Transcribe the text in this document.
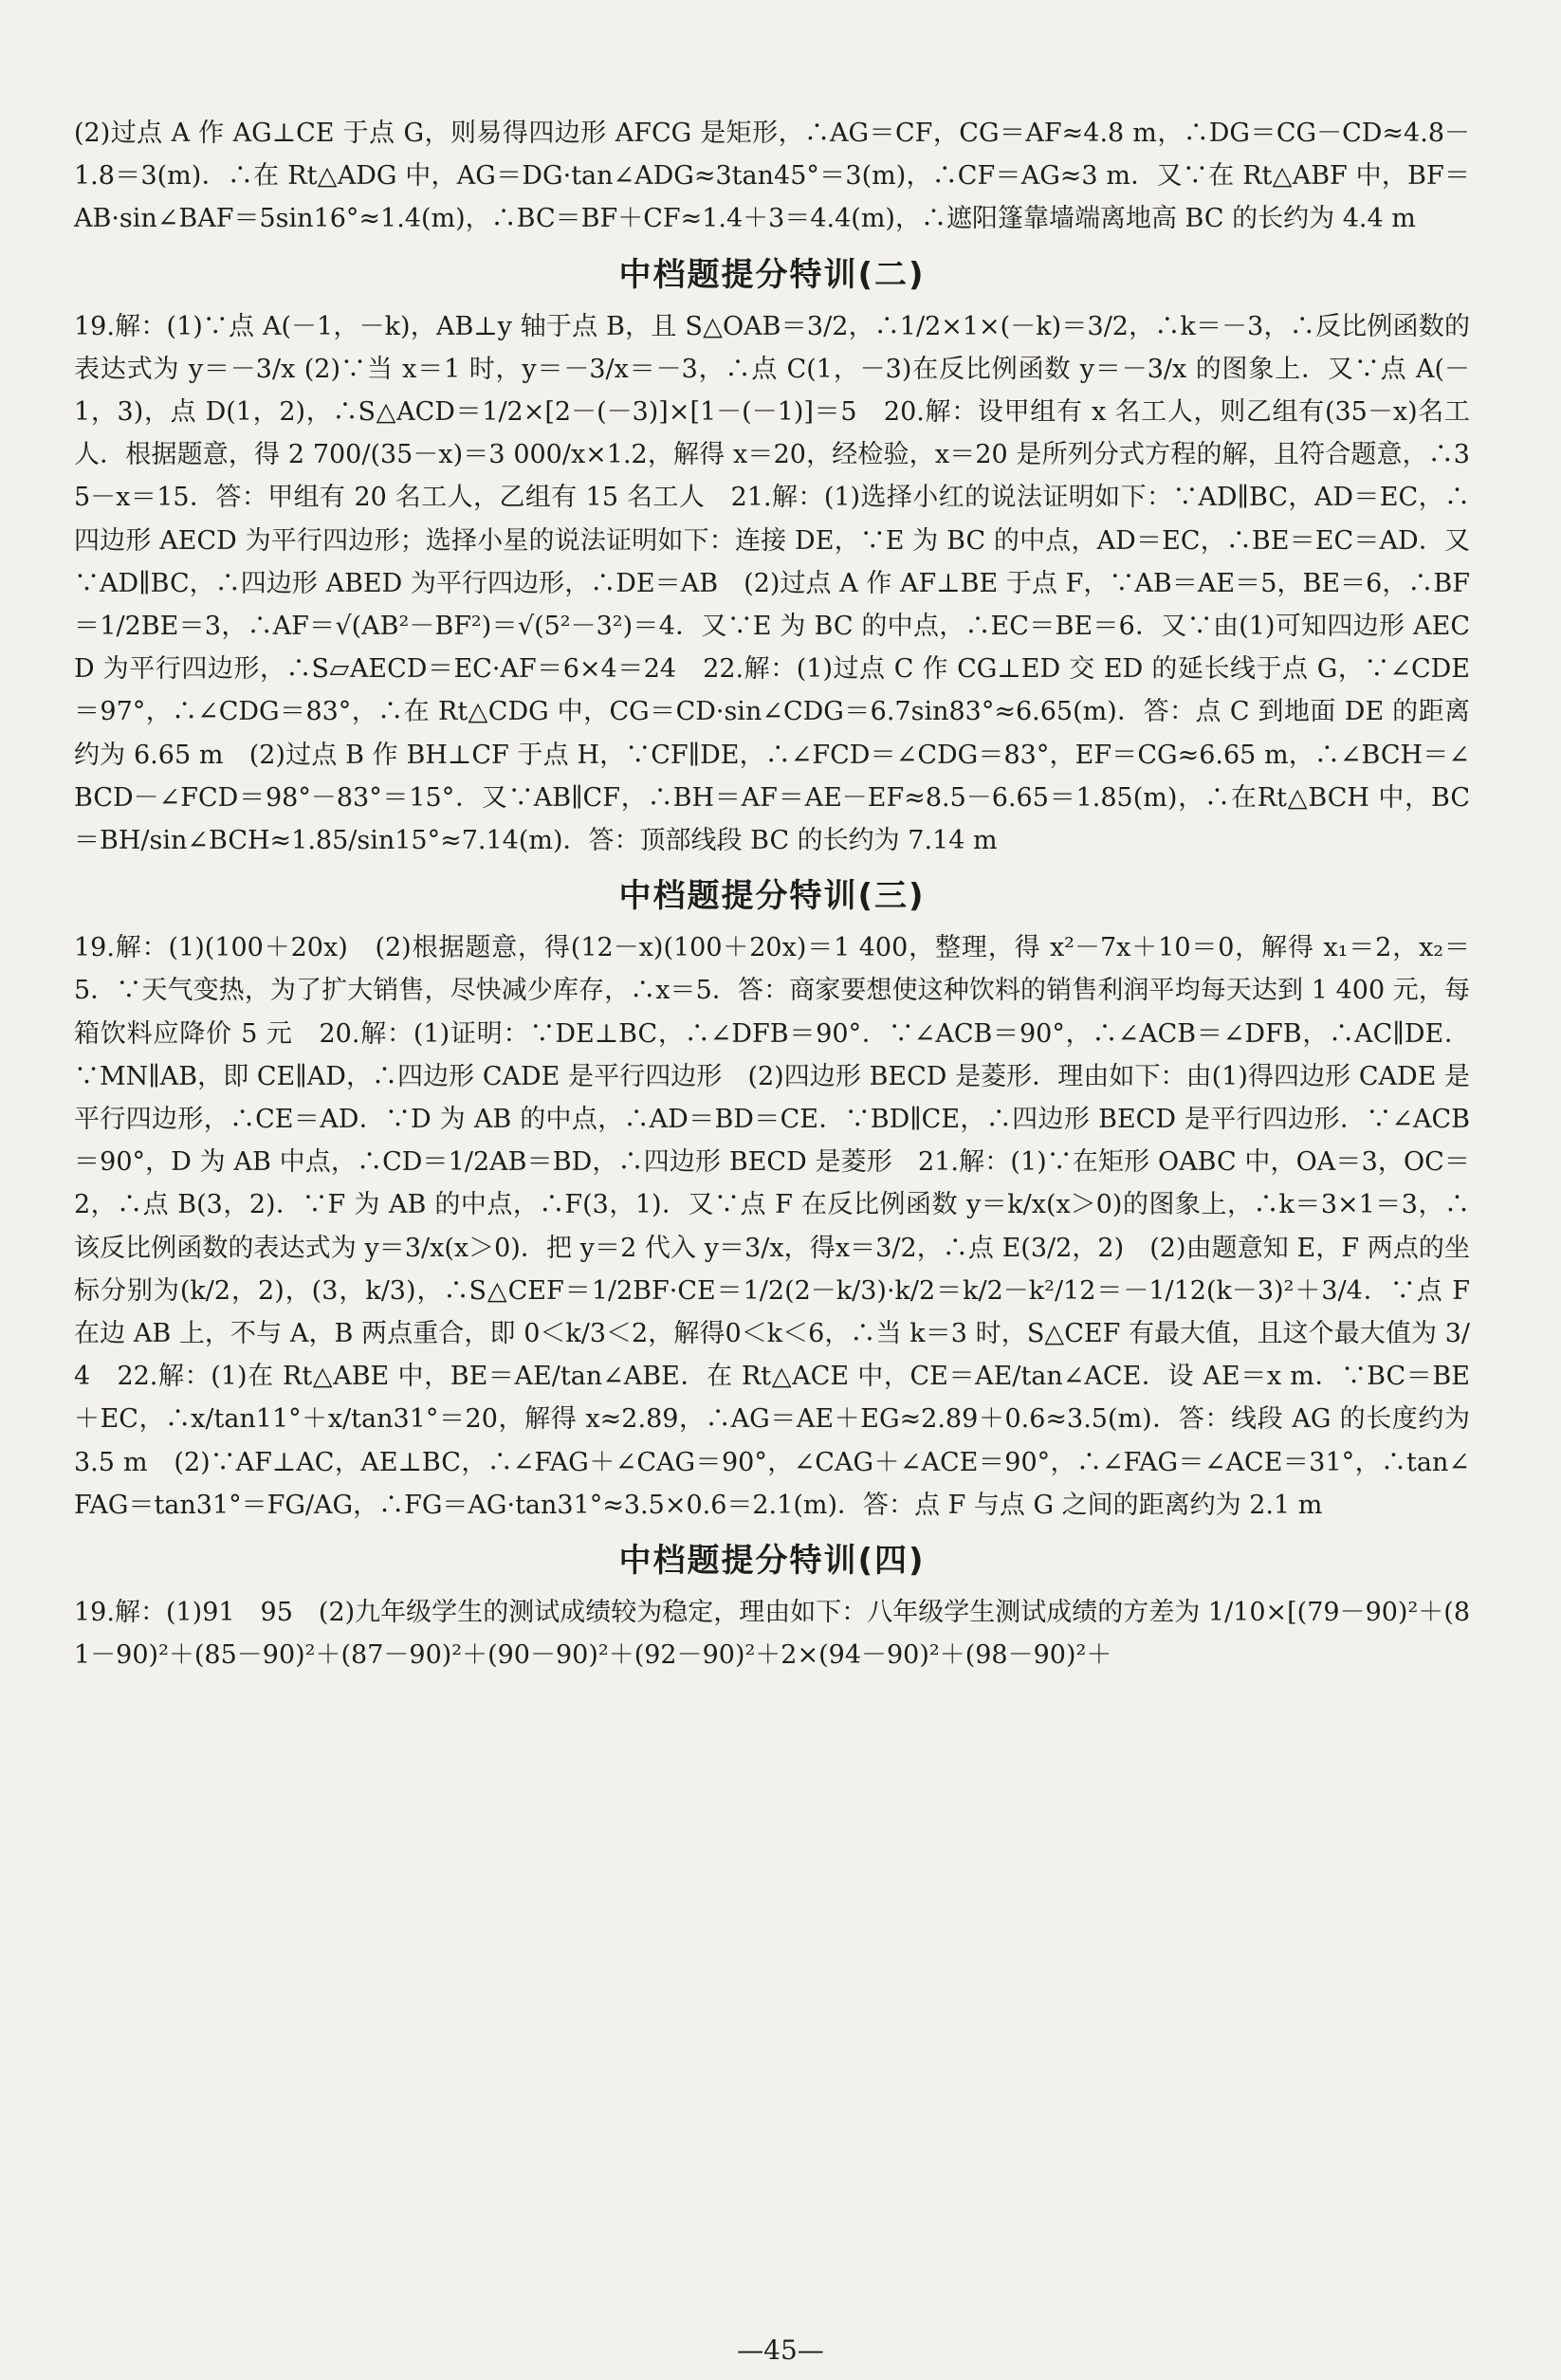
(2)过点 A 作 AG⊥CE 于点 G，则易得四边形 AFCG 是矩形，∴AG＝CF，CG＝AF≈4.8 m，∴DG＝CG－CD≈4.8－1.8＝3(m)．∴在 Rt△ADG 中，AG＝DG·tan∠ADG≈3tan45°＝3(m)，∴CF＝AG≈3 m．又∵在 Rt△ABF 中，BF＝AB·sin∠BAF＝5sin16°≈1.4(m)，∴BC＝BF＋CF≈1.4＋3＝4.4(m)，∴遮阳篷靠墙端离地高 BC 的长约为 4.4 m

中档题提分特训(二)

19.解：(1)∵点 A(－1，－k)，AB⊥y 轴于点 B，且 S△OAB＝3/2，∴1/2×1×(－k)＝3/2，∴k＝－3，∴反比例函数的表达式为 y＝－3/x (2)∵当 x＝1 时，y＝－3/x＝－3，∴点 C(1，－3)在反比例函数 y＝－3/x 的图象上．又∵点 A(－1，3)，点 D(1，2)，∴S△ACD＝1/2×[2－(－3)]×[1－(－1)]＝5　20.解：设甲组有 x 名工人，则乙组有(35－x)名工人．根据题意，得 2 700/(35－x)＝3 000/x×1.2，解得 x＝20，经检验，x＝20 是所列分式方程的解，且符合题意，∴35－x＝15．答：甲组有 20 名工人，乙组有 15 名工人　21.解：(1)选择小红的说法证明如下：∵AD∥BC，AD＝EC，∴四边形 AECD 为平行四边形；选择小星的说法证明如下：连接 DE，∵E 为 BC 的中点，AD＝EC，∴BE＝EC＝AD．又∵AD∥BC，∴四边形 ABED 为平行四边形，∴DE＝AB　(2)过点 A 作 AF⊥BE 于点 F，∵AB＝AE＝5，BE＝6，∴BF＝1/2BE＝3，∴AF＝√(AB²－BF²)＝√(5²－3²)＝4．又∵E 为 BC 的中点，∴EC＝BE＝6．又∵由(1)可知四边形 AECD 为平行四边形，∴S▱AECD＝EC·AF＝6×4＝24　22.解：(1)过点 C 作 CG⊥ED 交 ED 的延长线于点 G，∵∠CDE＝97°，∴∠CDG＝83°，∴在 Rt△CDG 中，CG＝CD·sin∠CDG＝6.7sin83°≈6.65(m)．答：点 C 到地面 DE 的距离约为 6.65 m　(2)过点 B 作 BH⊥CF 于点 H，∵CF∥DE，∴∠FCD＝∠CDG＝83°，EF＝CG≈6.65 m，∴∠BCH＝∠BCD－∠FCD＝98°－83°＝15°．又∵AB∥CF，∴BH＝AF＝AE－EF≈8.5－6.65＝1.85(m)，∴在Rt△BCH 中，BC＝BH/sin∠BCH≈1.85/sin15°≈7.14(m)．答：顶部线段 BC 的长约为 7.14 m

中档题提分特训(三)

19.解：(1)(100＋20x)　(2)根据题意，得(12－x)(100＋20x)＝1 400，整理，得 x²－7x＋10＝0，解得 x₁＝2，x₂＝5．∵天气变热，为了扩大销售，尽快减少库存，∴x＝5．答：商家要想使这种饮料的销售利润平均每天达到 1 400 元，每箱饮料应降价 5 元　20.解：(1)证明：∵DE⊥BC，∴∠DFB＝90°．∵∠ACB＝90°，∴∠ACB＝∠DFB，∴AC∥DE．∵MN∥AB，即 CE∥AD，∴四边形 CADE 是平行四边形　(2)四边形 BECD 是菱形．理由如下：由(1)得四边形 CADE 是平行四边形，∴CE＝AD．∵D 为 AB 的中点，∴AD＝BD＝CE．∵BD∥CE，∴四边形 BECD 是平行四边形．∵∠ACB＝90°，D 为 AB 中点，∴CD＝1/2AB＝BD，∴四边形 BECD 是菱形　21.解：(1)∵在矩形 OABC 中，OA＝3，OC＝2，∴点 B(3，2)．∵F 为 AB 的中点，∴F(3，1)．又∵点 F 在反比例函数 y＝k/x(x＞0)的图象上，∴k＝3×1＝3，∴该反比例函数的表达式为 y＝3/x(x＞0)．把 y＝2 代入 y＝3/x，得x＝3/2，∴点 E(3/2，2)　(2)由题意知 E，F 两点的坐标分别为(k/2，2)，(3，k/3)，∴S△CEF＝1/2BF·CE＝1/2(2－k/3)·k/2＝k/2－k²/12＝－1/12(k－3)²＋3/4．∵点 F 在边 AB 上，不与 A，B 两点重合，即 0＜k/3＜2，解得0＜k＜6，∴当 k＝3 时，S△CEF 有最大值，且这个最大值为 3/4　22.解：(1)在 Rt△ABE 中，BE＝AE/tan∠ABE．在 Rt△ACE 中，CE＝AE/tan∠ACE．设 AE＝x m．∵BC＝BE＋EC，∴x/tan11°＋x/tan31°＝20，解得 x≈2.89，∴AG＝AE＋EG≈2.89＋0.6≈3.5(m)．答：线段 AG 的长度约为 3.5 m　(2)∵AF⊥AC，AE⊥BC，∴∠FAG＋∠CAG＝90°，∠CAG＋∠ACE＝90°，∴∠FAG＝∠ACE＝31°，∴tan∠FAG＝tan31°＝FG/AG，∴FG＝AG·tan31°≈3.5×0.6＝2.1(m)．答：点 F 与点 G 之间的距离约为 2.1 m

中档题提分特训(四)

19.解：(1)91　95　(2)九年级学生的测试成绩较为稳定，理由如下：八年级学生测试成绩的方差为 1/10×[(79－90)²＋(81－90)²＋(85－90)²＋(87－90)²＋(90－90)²＋(92－90)²＋2×(94－90)²＋(98－90)²＋

—45—
